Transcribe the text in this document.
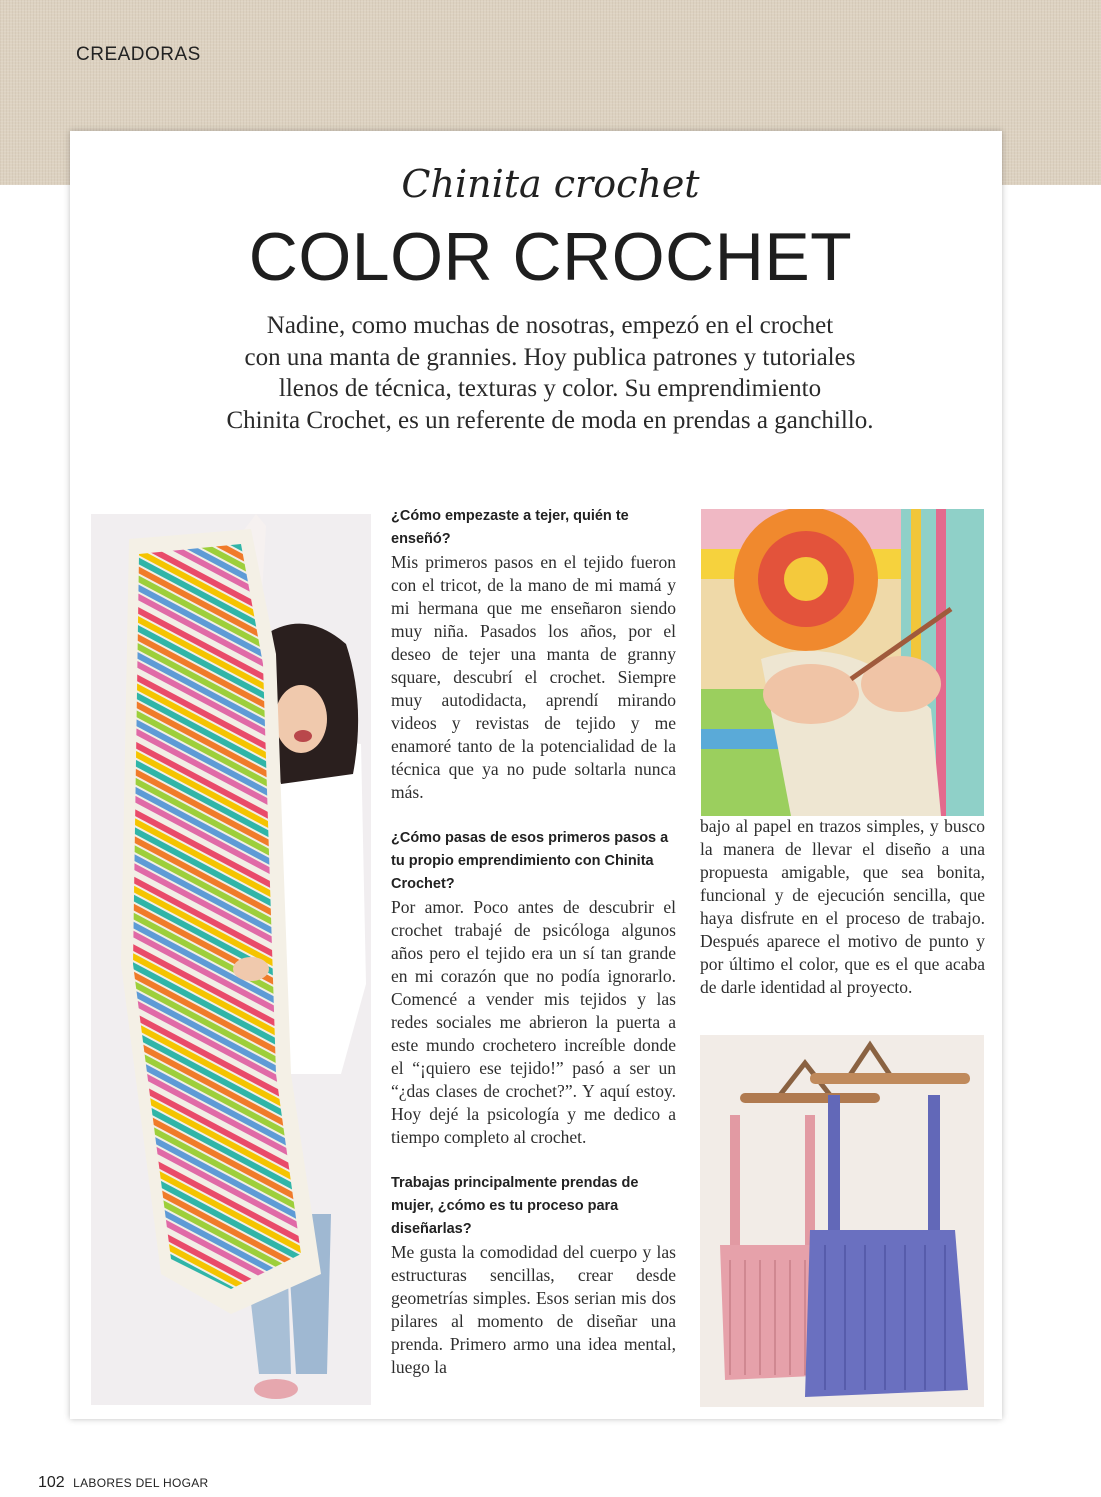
CREADORAS
Chinita crochet
COLOR CROCHET
Nadine, como muchas de nosotras, empezó en el crochet
con una manta de grannies. Hoy publica patrones y tutoriales
llenos de técnica, texturas y color. Su emprendimiento
Chinita Crochet, es un referente de moda en prendas a ganchillo.

¿Cómo empezaste a tejer, quién te enseñó?

Mis primeros pasos en el tejido fueron con el tricot, de la mano de mi mamá y mi hermana que me enseñaron siendo muy niña. Pasados los años, por el deseo de tejer una manta de granny square, descubrí el crochet. Siempre muy autodidacta, aprendí mirando videos y revistas de tejido y me enamoré tanto de la potencialidad de la técnica que ya no pude soltarla nunca más.

¿Cómo pasas de esos primeros pasos a tu propio emprendimiento con Chinita Crochet?

Por amor. Poco antes de descubrir el crochet trabajé de psicóloga algunos años pero el tejido era un sí tan grande en mi corazón que no podía ignorarlo. Comencé a vender mis tejidos y las redes sociales me abrieron la puerta a este mundo crochetero increíble donde el “¡quiero ese tejido!” pasó a ser un “¿das clases de crochet?”. Y aquí estoy. Hoy dejé la psicología y me dedico a tiempo completo al crochet.

Trabajas principalmente prendas de mujer, ¿cómo es tu proceso para diseñarlas?

Me gusta la comodidad del cuerpo y las estructuras sencillas, crear desde geometrías simples. Esos serian mis dos pilares al momento de diseñar una prenda. Primero armo una idea mental, luego la

bajo al papel en trazos simples, y busco la manera de llevar el diseño a una propuesta amigable, que sea bonita, funcional y de ejecución sencilla, que haya disfrute en el proceso de trabajo. Después aparece el motivo de punto y por último el color, que es el que acaba de darle identidad al proyecto.

102 LABORES DEL HOGAR
